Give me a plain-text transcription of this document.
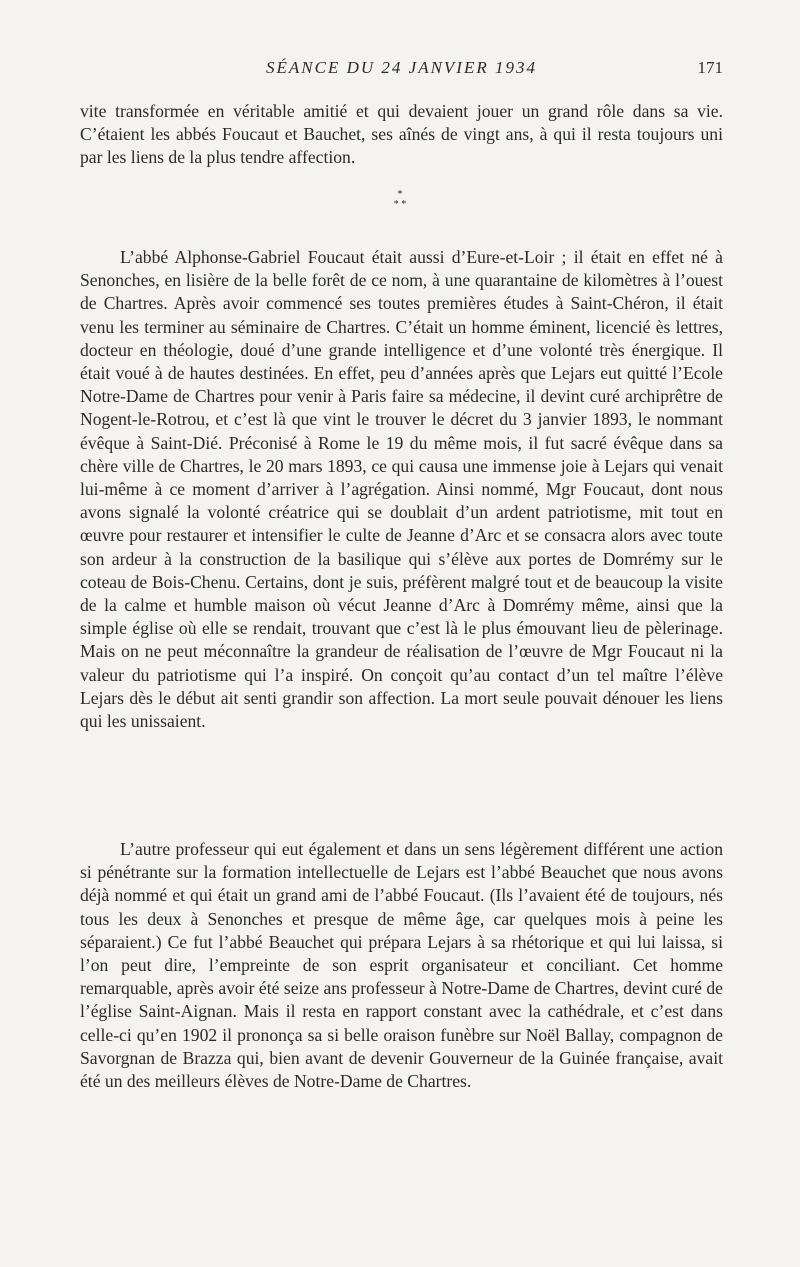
SÉANCE DU 24 JANVIER 1934	171

vite transformée en véritable amitié et qui devaient jouer un grand rôle dans sa vie. C’étaient les abbés Foucaut et Bauchet, ses aînés de vingt ans, à qui il resta toujours uni par les liens de la plus tendre affection.

*
* *

L’abbé Alphonse-Gabriel Foucaut était aussi d’Eure-et-Loir ; il était en effet né à Senonches, en lisière de la belle forêt de ce nom, à une quarantaine de kilomètres à l’ouest de Chartres. Après avoir commencé ses toutes premières études à Saint-Chéron, il était venu les terminer au séminaire de Chartres. C’était un homme éminent, licencié ès lettres, docteur en théologie, doué d’une grande intelligence et d’une volonté très énergique. Il était voué à de hautes destinées. En effet, peu d’années après que Lejars eut quitté l’Ecole Notre-Dame de Chartres pour venir à Paris faire sa médecine, il devint curé archiprêtre de Nogent-le-Rotrou, et c’est là que vint le trouver le décret du 3 janvier 1893, le nommant évêque à Saint-Dié. Préconisé à Rome le 19 du même mois, il fut sacré évêque dans sa chère ville de Chartres, le 20 mars 1893, ce qui causa une immense joie à Lejars qui venait lui-même à ce moment d’arriver à l’agrégation. Ainsi nommé, Mgr Foucaut, dont nous avons signalé la volonté créatrice qui se doublait d’un ardent patriotisme, mit tout en œuvre pour restaurer et intensifier le culte de Jeanne d’Arc et se consacra alors avec toute son ardeur à la construction de la basilique qui s’élève aux portes de Domrémy sur le coteau de Bois-Chenu. Certains, dont je suis, préfèrent malgré tout et de beaucoup la visite de la calme et humble maison où vécut Jeanne d’Arc à Domrémy même, ainsi que la simple église où elle se rendait, trouvant que c’est là le plus émouvant lieu de pèlerinage. Mais on ne peut méconnaître la grandeur de réalisation de l’œuvre de Mgr Foucaut ni la valeur du patriotisme qui l’a inspiré. On conçoit qu’au contact d’un tel maître l’élève Lejars dès le début ait senti grandir son affection. La mort seule pouvait dénouer les liens qui les unissaient.

L’autre professeur qui eut également et dans un sens légèrement différent une action si pénétrante sur la formation intellectuelle de Lejars est l’abbé Beauchet que nous avons déjà nommé et qui était un grand ami de l’abbé Foucaut. (Ils l’avaient été de toujours, nés tous les deux à Senonches et presque de même âge, car quelques mois à peine les séparaient.) Ce fut l’abbé Beauchet qui prépara Lejars à sa rhétorique et qui lui laissa, si l’on peut dire, l’empreinte de son esprit organisateur et conciliant. Cet homme remarquable, après avoir été seize ans professeur à Notre-Dame de Chartres, devint curé de l’église Saint-Aignan. Mais il resta en rapport constant avec la cathédrale, et c’est dans celle-ci qu’en 1902 il prononça sa si belle oraison funèbre sur Noël Ballay, compagnon de Savorgnan de Brazza qui, bien avant de devenir Gouverneur de la Guinée française, avait été un des meilleurs élèves de Notre-Dame de Chartres.
